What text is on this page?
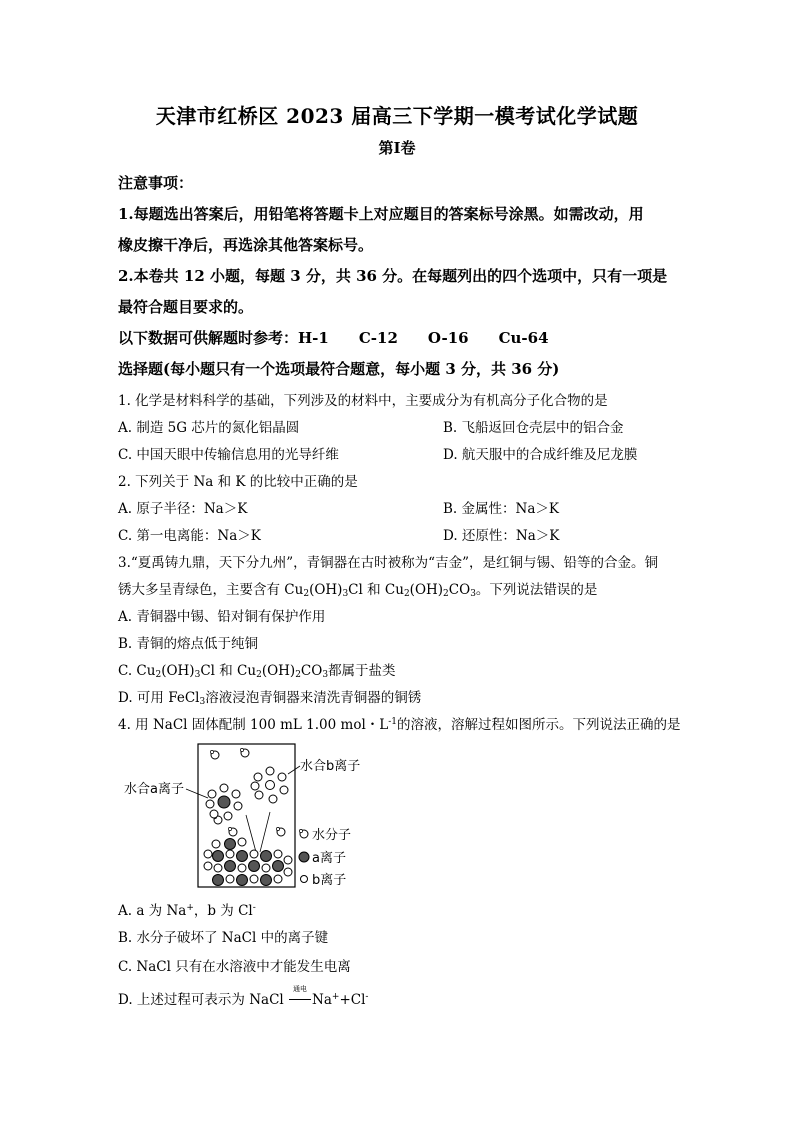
天津市红桥区 2023 届高三下学期一模考试化学试题
第I卷
注意事项：
1.每题选出答案后，用铅笔将答题卡上对应题目的答案标号涂黑。如需改动，用
橡皮擦干净后，再选涂其他答案标号。
2.本卷共 12 小题，每题 3 分，共 36 分。在每题列出的四个选项中，只有一项是
最符合题目要求的。
以下数据可供解题时参考：H-1　　C-12　　O-16　　Cu-64
选择题(每小题只有一个选项最符合题意，每小题 3 分，共 36 分)
1. 化学是材料科学的基础，下列涉及的材料中，主要成分为有机高分子化合物的是
A. 制造 5G 芯片的氮化铝晶圆	B. 飞船返回仓壳层中的铝合金
C. 中国天眼中传输信息用的光导纤维	D. 航天服中的合成纤维及尼龙膜
2. 下列关于 Na 和 K 的比较中正确的是
A. 原子半径：Na＞K	B. 金属性：Na＞K
C. 第一电离能：Na＞K	D. 还原性：Na＞K
3.“夏禹铸九鼎，天下分九州”，青铜器在古时被称为“吉金”，是红铜与锡、铅等的合金。铜
锈大多呈青绿色，主要含有 $Cu_2(OH)_3Cl$ 和 $Cu_2(OH)_2CO_3$。下列说法错误的是
A. 青铜器中锡、铅对铜有保护作用
B. 青铜的熔点低于纯铜
C. $Cu_2(OH)_3Cl$ 和 $Cu_2(OH)_2CO_3$都属于盐类
D. 可用 FeCl$_3$溶液浸泡青铜器来清洗青铜器的铜锈
4. 用 NaCl 固体配制 100 mL 1.00 mol・$L^{-1}$的溶液，溶解过程如图所示。下列说法正确的是
水合a离子
水合b离子
水分子
a离子
b离子
A. a 为 Na+，b 为 Cl-
B. 水分子破坏了 NaCl 中的离子键
C. NaCl 只有在水溶液中才能发生电离
D. 上述过程可表示为 NaCl
通电
Na++Cl-
